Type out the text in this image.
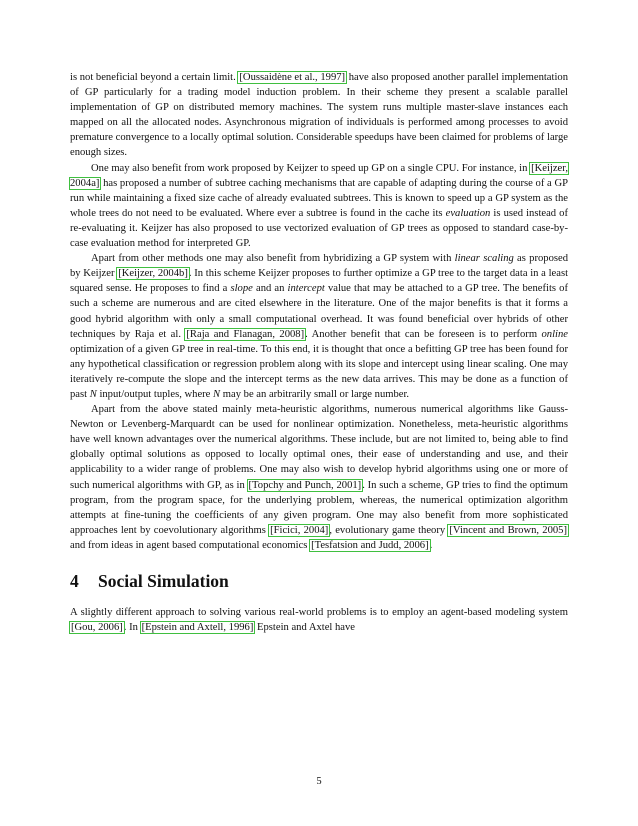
is not beneficial beyond a certain limit. [Oussaidène et al., 1997] have also proposed another parallel implementation of GP particularly for a trading model induction problem. In their scheme they present a scalable parallel implementation of GP on distributed memory machines. The system runs multiple master-slave instances each mapped on all the allocated nodes. Asynchronous migration of individuals is performed among processes to avoid premature convergence to a locally optimal solution. Considerable speedups have been claimed for problems of large enough sizes.

One may also benefit from work proposed by Keijzer to speed up GP on a single CPU. For instance, in [Keijzer, 2004a] has proposed a number of subtree caching mechanisms that are capable of adapting during the course of a GP run while maintaining a fixed size cache of already evaluated subtrees. This is known to speed up a GP system as the whole trees do not need to be evaluated. Where ever a subtree is found in the cache its evaluation is used instead of re-evaluating it. Keijzer has also proposed to use vectorized evaluation of GP trees as opposed to standard case-by-case evaluation method for interpreted GP.

Apart from other methods one may also benefit from hybridizing a GP system with linear scaling as proposed by Keijzer [Keijzer, 2004b]. In this scheme Keijzer proposes to further optimize a GP tree to the target data in a least squared sense. He proposes to find a slope and an intercept value that may be attached to a GP tree. The benefits of such a scheme are numerous and are cited elsewhere in the literature. One of the major benefits is that it forms a good hybrid algorithm with only a small computational overhead. It was found beneficial over hybrids of other techniques by Raja et al. [Raja and Flanagan, 2008]. Another benefit that can be foreseen is to perform online optimization of a given GP tree in real-time. To this end, it is thought that once a befitting GP tree has been found for any hypothetical classification or regression problem along with its slope and intercept using linear scaling. One may iteratively re-compute the slope and the intercept terms as the new data arrives. This may be done as a function of past N input/output tuples, where N may be an arbitrarily small or large number.

Apart from the above stated mainly meta-heuristic algorithms, numerous numerical algorithms like Gauss-Newton or Levenberg-Marquardt can be used for nonlinear optimization. Nonetheless, meta-heuristic algorithms have well known advantages over the numerical algorithms. These include, but are not limited to, being able to find globally optimal solutions as opposed to locally optimal ones, their ease of understanding and use, and their applicability to a wider range of problems. One may also wish to develop hybrid algorithms using one or more of such numerical algorithms with GP, as in [Topchy and Punch, 2001]. In such a scheme, GP tries to find the optimum program, from the program space, for the underlying problem, whereas, the numerical optimization algorithm attempts at fine-tuning the coefficients of any given program. One may also benefit from more sophisticated approaches lent by coevolutionary algorithms [Ficici, 2004], evolutionary game theory [Vincent and Brown, 2005] and from ideas in agent based computational economics [Tesfatsion and Judd, 2006].

4 Social Simulation

A slightly different approach to solving various real-world problems is to employ an agent-based modeling system [Gou, 2006]. In [Epstein and Axtell, 1996] Epstein and Axtel have

5
